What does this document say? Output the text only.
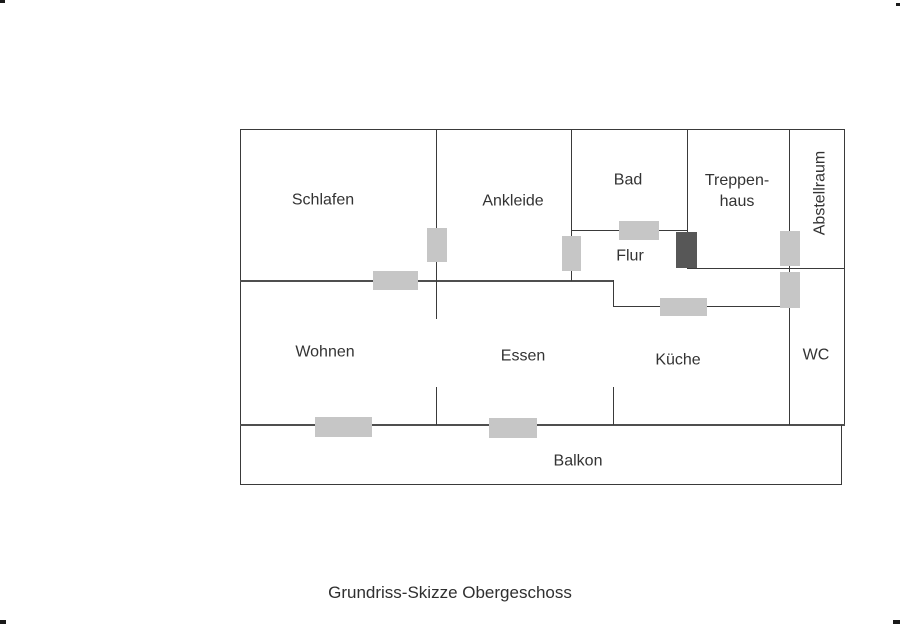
Schlafen	Ankleide
Bad	Treppen-
haus	Abstellraum
Flur
Wohnen	Essen	Küche	WC
Balkon
Grundriss-Skizze Obergeschoss
